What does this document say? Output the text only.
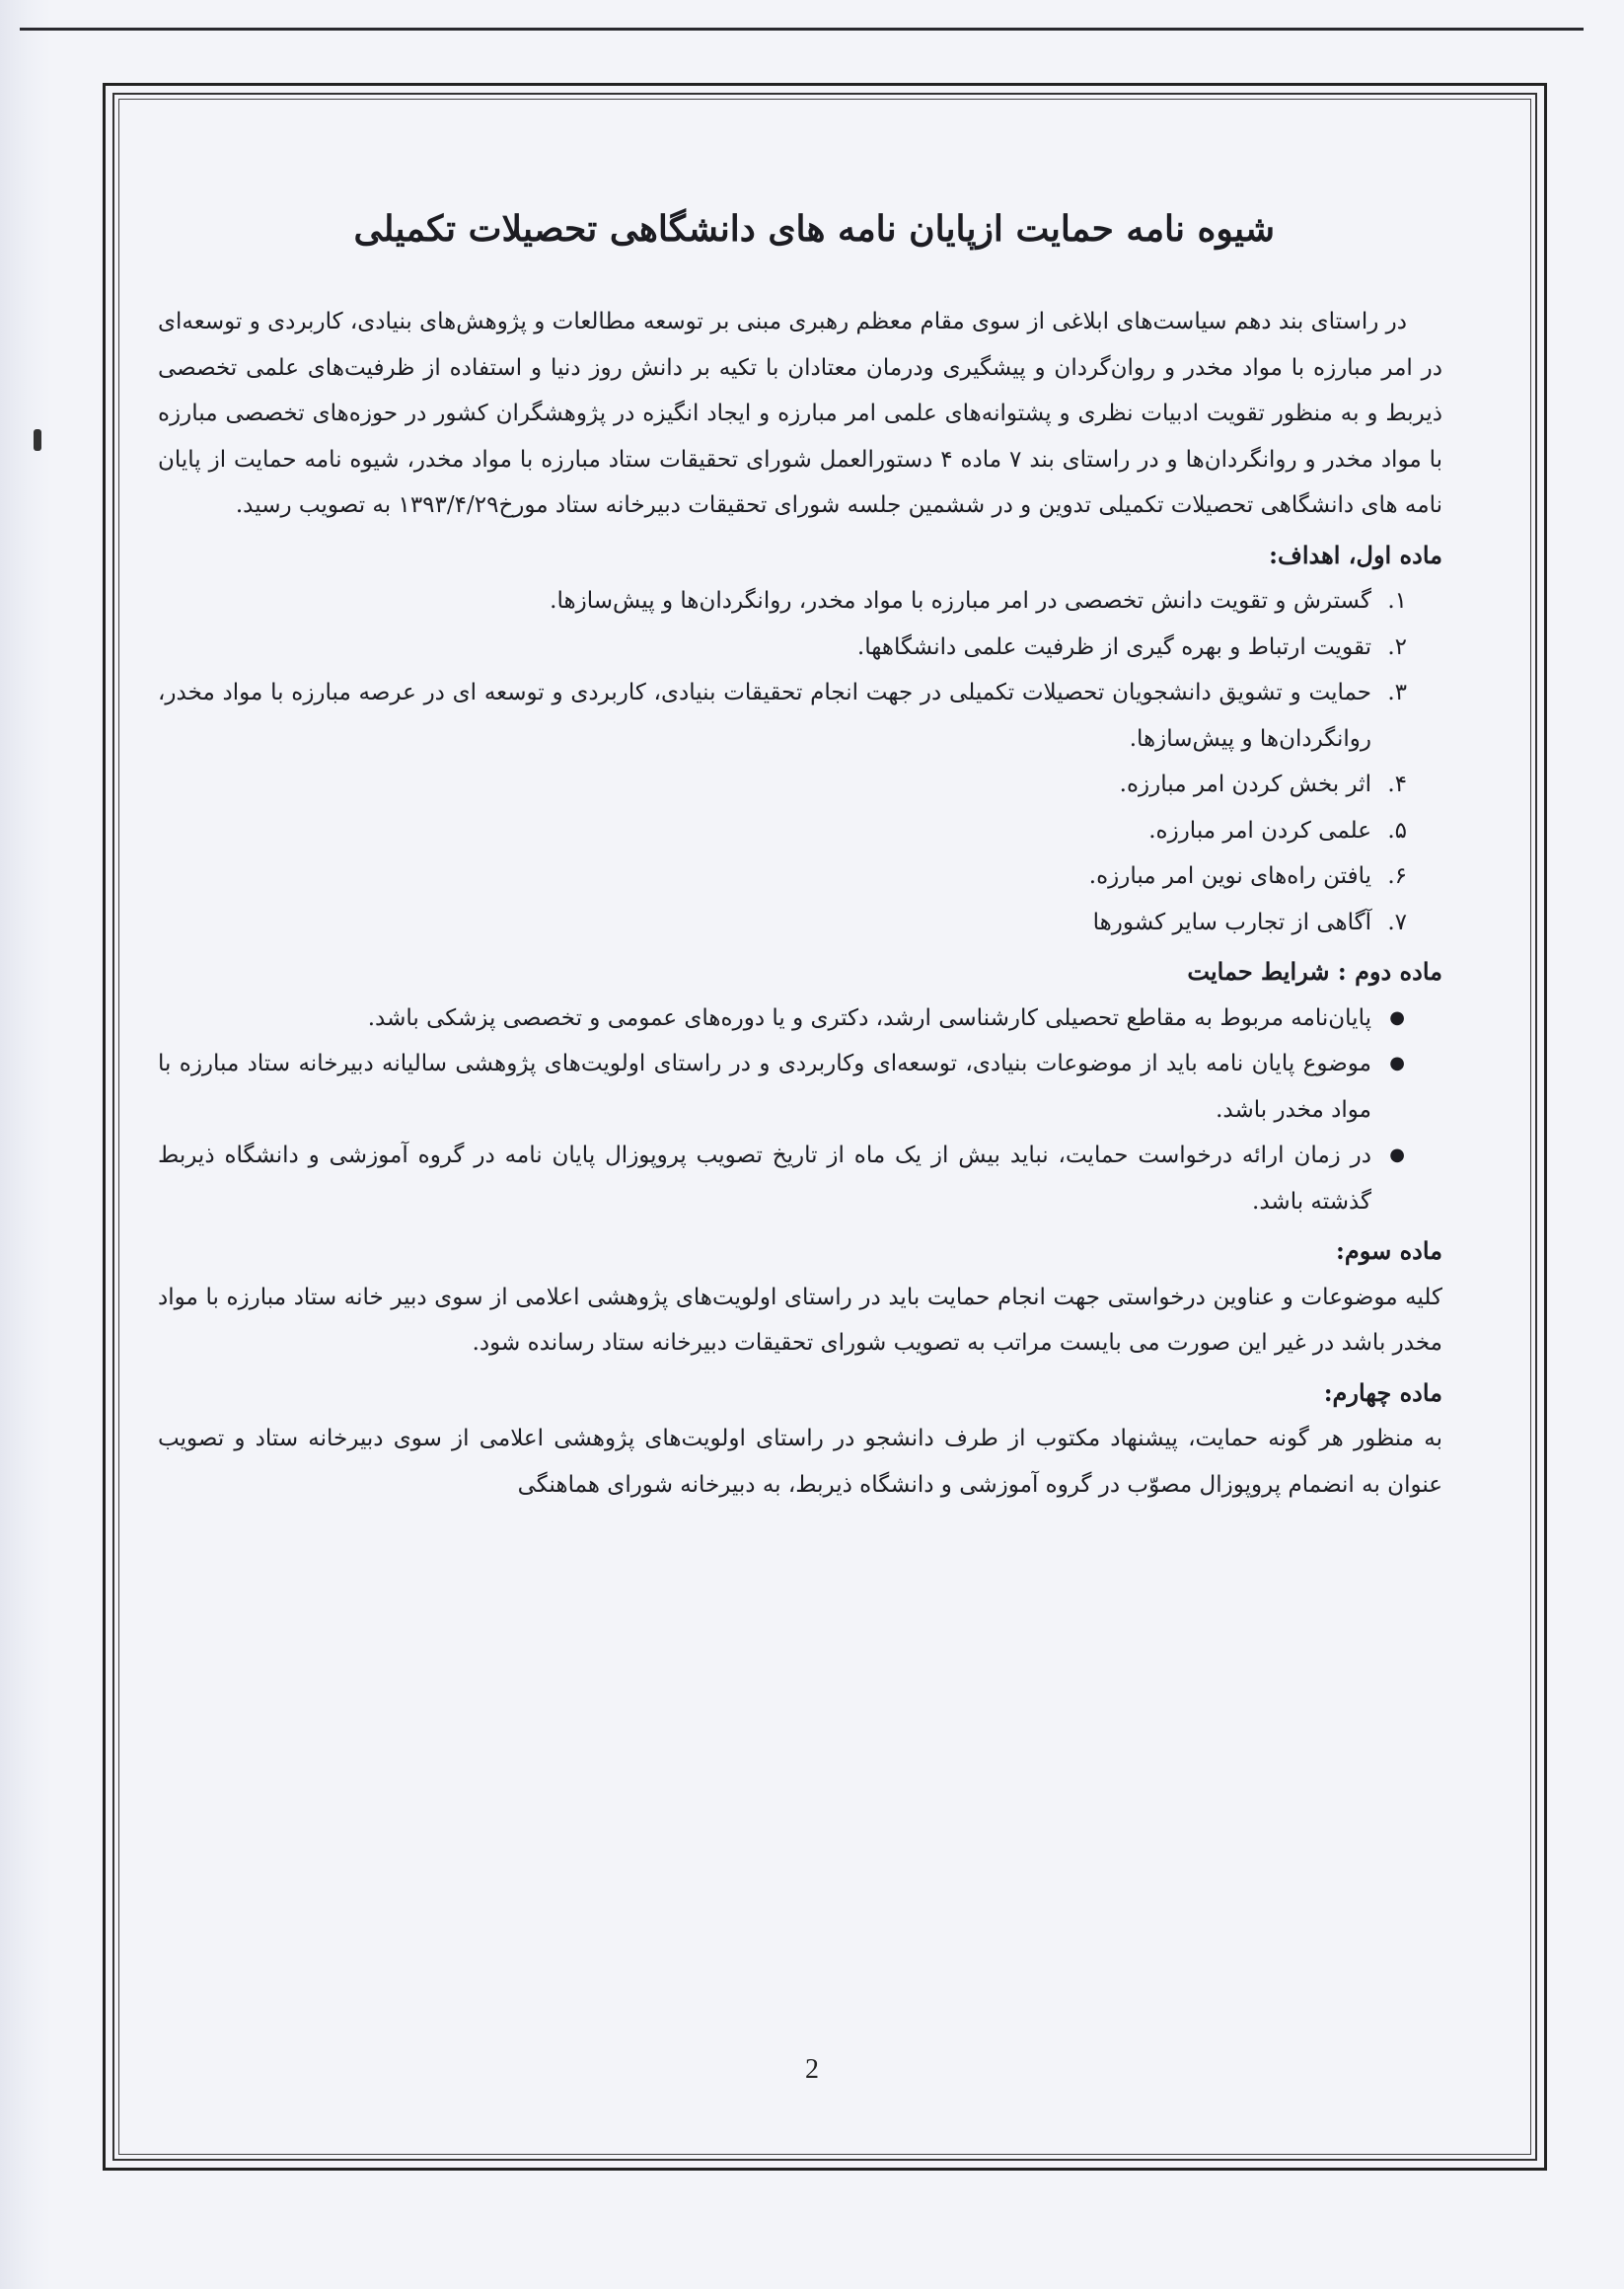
شیوه نامه حمایت ازپایان نامه های دانشگاهی تحصیلات تکمیلی

در راستای بند دهم سیاست‌های ابلاغی از سوی مقام معظم رهبری مبنی بر توسعه مطالعات و پژوهش‌های بنیادی، کاربردی و توسعه‌ای در امر مبارزه با مواد مخدر و روان‌گردان و پیشگیری ودرمان معتادان با تکیه بر دانش روز دنیا و استفاده از ظرفیت‌های علمی تخصصی ذیربط و به منظور تقویت ادبیات نظری و پشتوانه‌های علمی امر مبارزه و ایجاد انگیزه در پژوهشگران کشور در حوزه‌های تخصصی مبارزه با مواد مخدر و روانگردان‌ها و در راستای بند ۷ ماده ۴ دستورالعمل شورای تحقیقات ستاد مبارزه با مواد مخدر، شیوه نامه حمایت از پایان نامه های دانشگاهی تحصیلات تکمیلی تدوین و در ششمین جلسه شورای تحقیقات دبیرخانه ستاد مورخ۱۳۹۳/۴/۲۹ به تصویب رسید.

ماده اول، اهداف:
۱.
گسترش و تقویت دانش تخصصی در امر مبارزه با مواد مخدر، روانگردان‌ها و پیش‌سازها.
۲.
تقویت ارتباط و بهره گیری از ظرفیت علمی دانشگاهها.
۳.
حمایت و تشویق دانشجویان تحصیلات تکمیلی در جهت انجام تحقیقات بنیادی، کاربردی و توسعه ای در عرصه مبارزه با مواد مخدر، روانگردان‌ها و پیش‌سازها.
۴.
اثر بخش کردن امر مبارزه.
۵.
علمی کردن امر مبارزه.
۶.
یافتن راه‌های نوین امر مبارزه.
۷.
آگاهی از تجارب سایر کشورها
ماده دوم : شرایط حمایت
●
پایان‌نامه مربوط به مقاطع تحصیلی کارشناسی ارشد، دکتری و یا دوره‌های عمومی و تخصصی پزشکی باشد.
●
موضوع پایان نامه باید از موضوعات بنیادی، توسعه‌ای وکاربردی و در راستای اولویت‌های پژوهشی سالیانه دبیرخانه ستاد مبارزه با مواد مخدر باشد.
●
در زمان ارائه درخواست حمایت، نباید بیش از یک ماه از تاریخ تصویب پروپوزال پایان نامه در گروه آموزشی و دانشگاه ذیربط گذشته باشد.
ماده سوم:

کلیه موضوعات و عناوین درخواستی جهت انجام حمایت باید در راستای اولویت‌های پژوهشی اعلامی از سوی دبیر خانه ستاد مبارزه با مواد مخدر باشد در غیر این صورت می بایست مراتب به تصویب شورای تحقیقات دبیرخانه ستاد رسانده شود.

ماده چهارم:

به منظور هر گونه حمایت، پیشنهاد مکتوب از طرف دانشجو در راستای اولویت‌های پژوهشی اعلامی از سوی دبیرخانه ستاد و تصویب عنوان به انضمام پروپوزال مصوّب در گروه آموزشی و دانشگاه ذیربط، به دبیرخانه شورای هماهنگی

2
